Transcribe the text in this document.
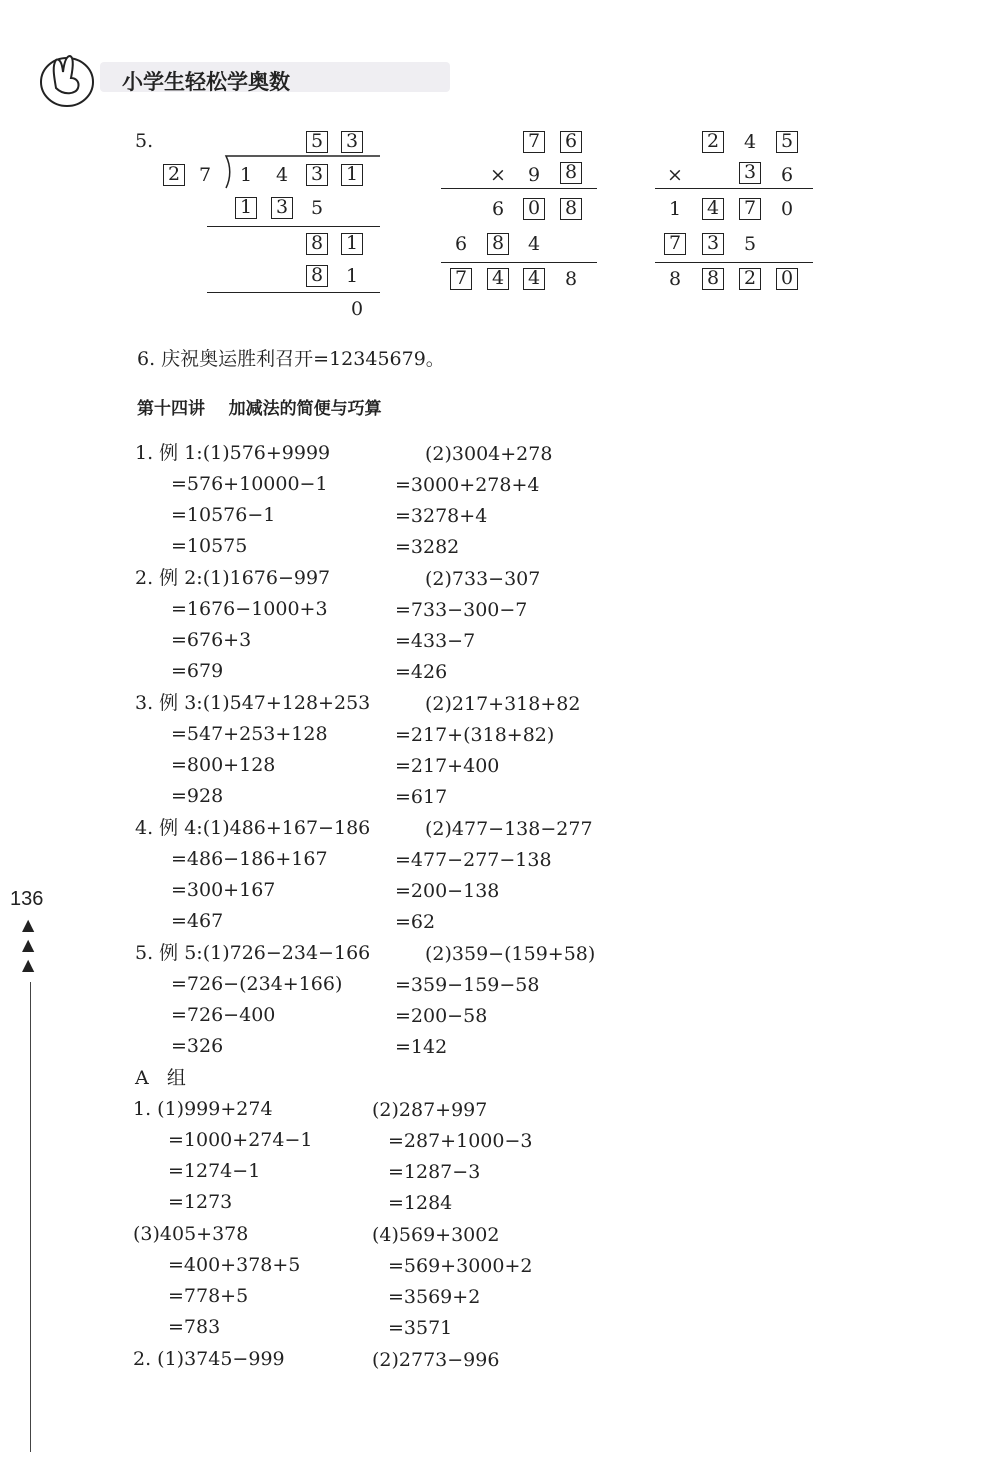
小学生轻松学奥数
136
▲
▲
▲
5.	5 3
2 7 1 4 3 1
1 3 5
8 1
8 1
0
7 6
× 9 8
6 0 8
6 8 4
7 4 4 8
2 4 5
×	3 6
1 4 7 0
7 3 5
8 8 2 0
6. 庆祝奥运胜利召开=12345679。
第十四讲    加减法的简便与巧算
1. 例 1:(1)576+9999
=576+10000−1
=10576−1
=10575
2. 例 2:(1)1676−997
=1676−1000+3
=676+3
=679
3. 例 3:(1)547+128+253
=547+253+128
=800+128
=928
4. 例 4:(1)486+167−186
=486−186+167
=300+167
=467
5. 例 5:(1)726−234−166
=726−(234+166)
=726−400
=326
(2)3004+278
=3000+278+4
=3278+4
=3282
(2)733−307
=733−300−7
=433−7
=426
(2)217+318+82
=217+(318+82)
=217+400
=617
(2)477−138−277
=477−277−138
=200−138
=62
(2)359−(159+58)
=359−159−58
=200−58
=142
A   组
1. (1)999+274
=1000+274−1
=1274−1
=1273
(3)405+378
=400+378+5
=778+5
=783
2. (1)3745−999
(2)287+997
=287+1000−3
=1287−3
=1284
(4)569+3002
=569+3000+2
=3569+2
=3571
(2)2773−996
